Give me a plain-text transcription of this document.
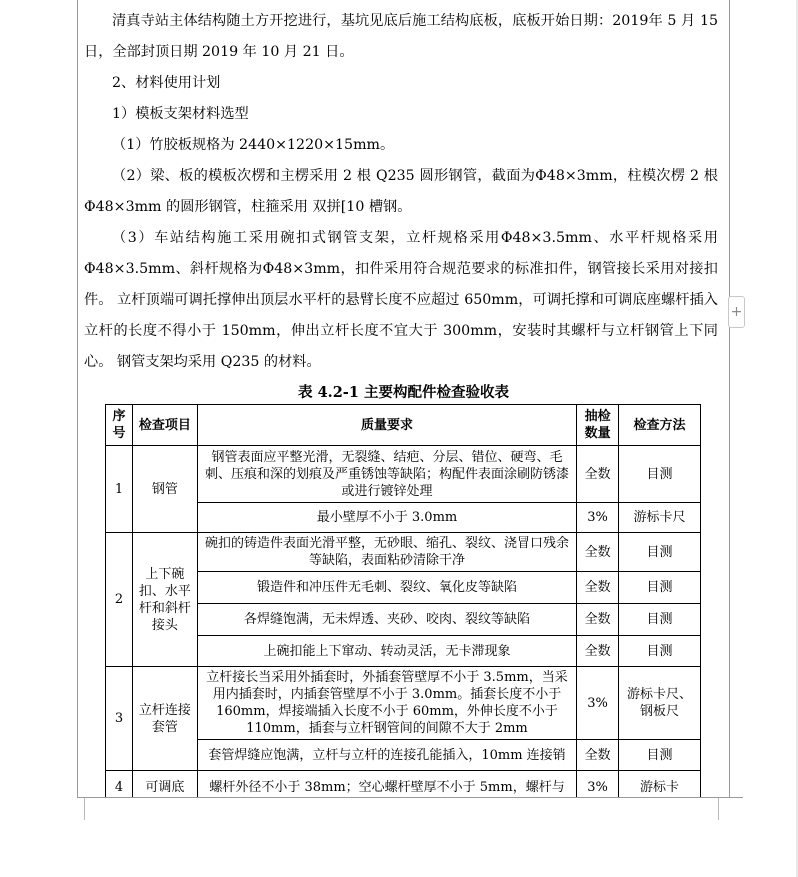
清真寺站主体结构随土方开挖进行，基坑见底后施工结构底板，底板开始日期：2019年 5 月 15 日，全部封顶日期 2019 年 10 月 21 日。

2、材料使用计划

1）模板支架材料选型

（1）竹胶板规格为 2440×1220×15mm。

（2）梁、板的模板次楞和主楞采用 2 根 Q235 圆形钢管，截面为Φ48×3mm，柱模次楞 2 根Φ48×3mm 的圆形钢管，柱箍采用 双拼[10 槽钢。

（3）车站结构施工采用碗扣式钢管支架，立杆规格采用Φ48×3.5mm、水平杆规格采用Φ48×3.5mm、斜杆规格为Φ48×3mm，扣件采用符合规范要求的标准扣件，钢管接长采用对接扣件。 立杆顶端可调托撑伸出顶层水平杆的悬臂长度不应超过 650mm，可调托撑和可调底座螺杆插入立杆的长度不得小于 150mm，伸出立杆长度不宜大于 300mm，安装时其螺杆与立杆钢管上下同心。 钢管支架均采用 Q235 的材料。

表 4.2-1 主要构配件检查验收表
序号	检查项目	质量要求	抽检数量	检查方法
1	钢管	钢管表面应平整光滑，无裂缝、结疤、分层、错位、硬弯、毛刺、压痕和深的划痕及严重锈蚀等缺陷；构配件表面涂刷防锈漆或进行镀锌处理	全数	目测
		最小壁厚不小于 3.0mm	3%	游标卡尺
2	上下碗扣、水平杆和斜杆接头	碗扣的铸造件表面光滑平整，无砂眼、缩孔、裂纹、浇冒口残余等缺陷，表面粘砂清除干净	全数	目测
		锻造件和冲压件无毛刺、裂纹、氧化皮等缺陷	全数	目测
		各焊缝饱满，无未焊透、夹砂、咬肉、裂纹等缺陷	全数	目测
		上碗扣能上下窜动、转动灵活，无卡滞现象	全数	目测
3	立杆连接套管	立杆接长当采用外插套时，外插套管壁厚不小于 3.5mm，当采用内插套时，内插套管壁厚不小于 3.0mm。插套长度不小于 160mm，焊接端插入长度不小于 60mm，外伸长度不小于 110mm，插套与立杆钢管间的间隙不大于 2mm	3%	游标卡尺、钢板尺
		套管焊缝应饱满，立杆与立杆的连接孔能插入，10mm 连接销	全数	目测
4	可调底	螺杆外径不小于 38mm；空心螺杆壁厚不小于 5mm，螺杆与	3%	游标卡
+
